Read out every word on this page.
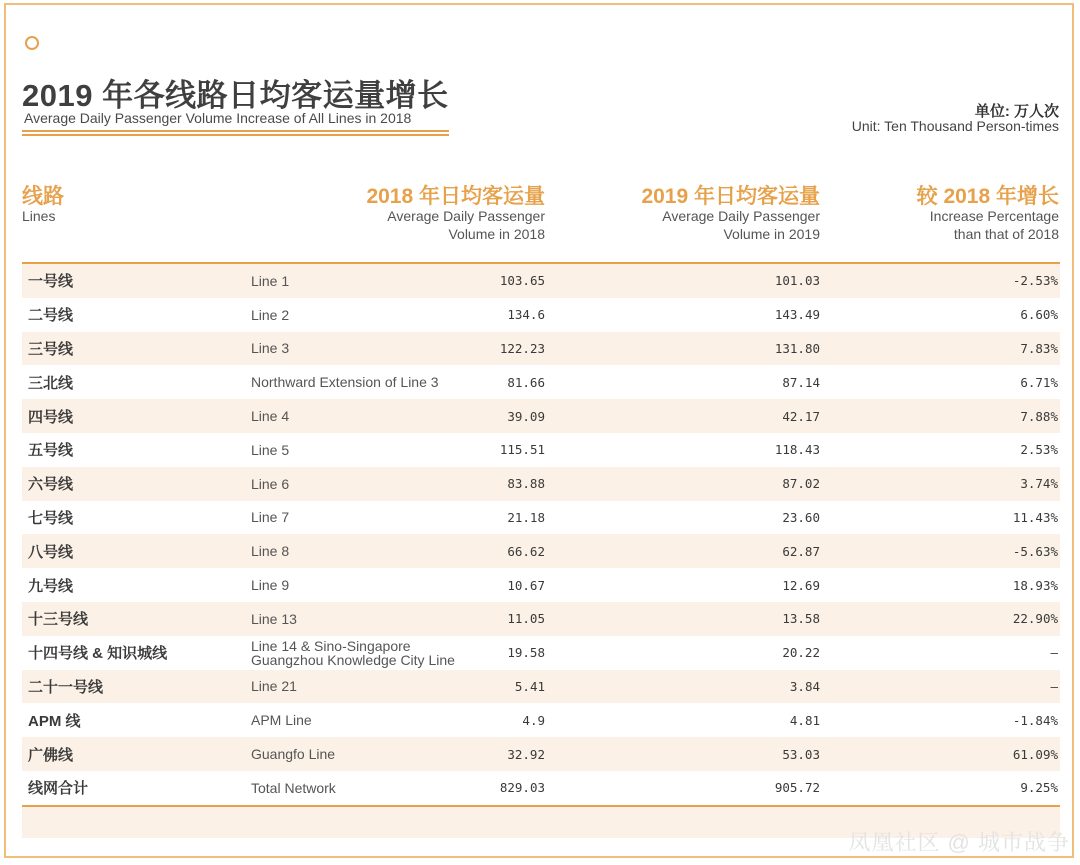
2019 年各线路日均客运量增长
Average Daily Passenger Volume Increase of All Lines in 2018	单位: 万人次
Unit: Ten Thousand Person-times
线路
Lines
2018 年日均客运量
Average Daily Passenger
Volume in 2018
2019 年日均客运量
Average Daily Passenger
Volume in 2019
较 2018 年增长
Increase Percentage
than that of 2018
一号线	Line 1	103.65	101.03	-2.53%
二号线	Line 2	134.6	143.49	6.60%
三号线	Line 3	122.23	131.80	7.83%
三北线	Northward Extension of Line 3	81.66	87.14	6.71%
四号线	Line 4	39.09	42.17	7.88%
五号线	Line 5	115.51	118.43	2.53%
六号线	Line 6	83.88	87.02	3.74%
七号线	Line 7	21.18	23.60	11.43%
八号线	Line 8	66.62	62.87	-5.63%
九号线	Line 9	10.67	12.69	18.93%
十三号线	Line 13	11.05	13.58	22.90%
十四号线 & 知识城线	Line 14 & Sino-Singapore
Guangzhou Knowledge City Line	19.58	20.22	—
二十一号线	Line 21	5.41	3.84	—
APM 线	APM Line	4.9	4.81	-1.84%
广佛线	Guangfo Line	32.92	53.03	61.09%
线网合计	Total Network	829.03	905.72	9.25%
凤凰社区 @ 城市战争
